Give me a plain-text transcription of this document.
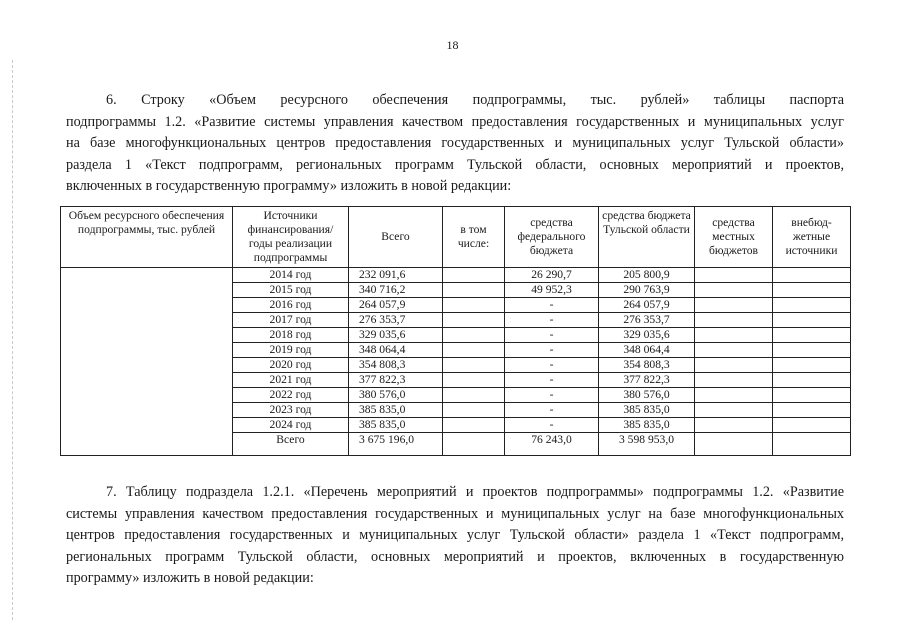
18
6. Строку «Объем ресурсного обеспечения подпрограммы, тыс. рублей» таблицы паспорта
подпрограммы 1.2. «Развитие системы управления качеством предоставления государственных и муниципальных услуг
на базе многофункциональных центров предоставления государственных и муниципальных услуг Тульской области»
раздела 1 «Текст подпрограмм, региональных программ Тульской области, основных мероприятий и проектов,
включенных в государственную программу» изложить в новой редакции:
Объем ресурсного обеспечения подпрограммы, тыс. рублей	Источники финансирования/ годы реализации подпрограммы	Всего	в том числе:	средства федерального бюджета	средства бюджета Тульской области	средства местных бюджетов	внебюд-жетные источники
	2014 год	232 091,6		26 290,7	205 800,9		
	2015 год	340 716,2		49 952,3	290 763,9		
	2016 год	264 057,9		-	264 057,9		
	2017 год	276 353,7		-	276 353,7		
	2018 год	329 035,6		-	329 035,6		
	2019 год	348 064,4		-	348 064,4		
	2020 год	354 808,3		-	354 808,3		
	2021 год	377 822,3		-	377 822,3		
	2022 год	380 576,0		-	380 576,0		
	2023 год	385 835,0		-	385 835,0		
	2024 год	385 835,0		-	385 835,0		
	Всего	3 675 196,0		76 243,0	3 598 953,0		
7. Таблицу подраздела 1.2.1. «Перечень мероприятий и проектов подпрограммы» подпрограммы 1.2. «Развитие
системы управления качеством предоставления государственных и муниципальных услуг на базе многофункциональных
центров предоставления государственных и муниципальных услуг Тульской области» раздела 1 «Текст подпрограмм,
региональных программ Тульской области, основных мероприятий и проектов, включенных в государственную
программу» изложить в новой редакции:
